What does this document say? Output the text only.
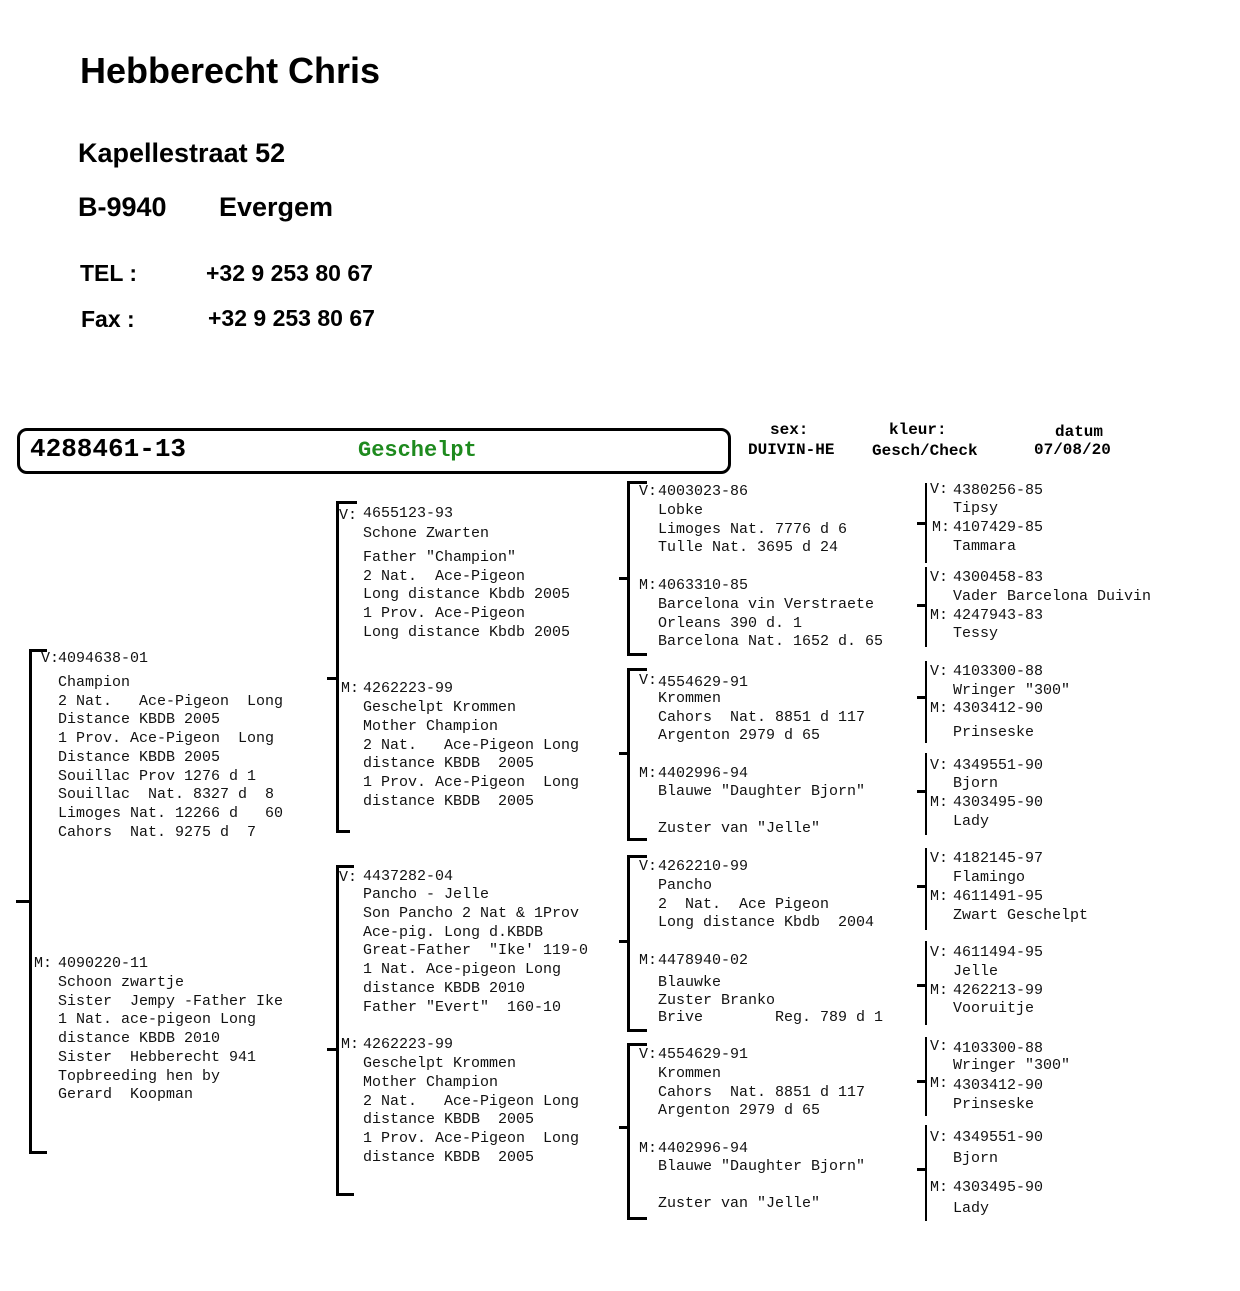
Hebberecht Chris
Kapellestraat 52
B-9940 Evergem
TEL :	+32 9 253 80 67
Fax :	+32 9 253 80 67
4288461-13	Geschelpt
sex:
DUIVIN-HE
kleur:
Gesch/Check
datum
07/08/20
V:
4094638-01
Champion
2 Nat.   Ace-Pigeon  Long
Distance KBDB 2005
1 Prov. Ace-Pigeon  Long
Distance KBDB 2005
Souillac Prov 1276 d 1
Souillac  Nat. 8327 d  8
Limoges Nat. 12266 d   60
Cahors  Nat. 9275 d  7
M: 4090220-11
Schoon zwartje
Sister  Jempy -Father Ike
1 Nat. ace-pigeon Long
distance KBDB 2010
Sister  Hebberecht 941
Topbreeding hen by
Gerard  Koopman
V: 4655123-93
Schone Zwarten
Father "Champion"
2 Nat.  Ace-Pigeon
Long distance Kbdb 2005
1 Prov. Ace-Pigeon
Long distance Kbdb 2005
M: 4262223-99
Geschelpt Krommen
Mother Champion
2 Nat.   Ace-Pigeon Long
distance KBDB  2005
1 Prov. Ace-Pigeon  Long
distance KBDB  2005
V: 4437282-04
Pancho - Jelle
Son Pancho 2 Nat & 1Prov
Ace-pig. Long d.KBDB
Great-Father  "Ike' 119-0
1 Nat. Ace-pigeon Long
distance KBDB 2010
Father "Evert"  160-10
M: 4262223-99
Geschelpt Krommen
Mother Champion
2 Nat.   Ace-Pigeon Long
distance KBDB  2005
1 Prov. Ace-Pigeon  Long
distance KBDB  2005
V: 4003023-86
Lobke
Limoges Nat. 7776 d 6
Tulle Nat. 3695 d 24
M: 4063310-85
Barcelona vin Verstraete
Orleans 390 d. 1
Barcelona Nat. 1652 d. 65
V: 4554629-91
Krommen
Cahors  Nat. 8851 d 117
Argenton 2979 d 65
M: 4402996-94
Blauwe "Daughter Bjorn"

Zuster van "Jelle"
V: 4262210-99
Pancho
2  Nat.  Ace Pigeon
Long distance Kbdb  2004
M: 4478940-02
Blauwke
Zuster Branko
Brive        Reg. 789 d 1
V: 4554629-91
Krommen
Cahors  Nat. 8851 d 117
Argenton 2979 d 65
M: 4402996-94
Blauwe "Daughter Bjorn"

Zuster van "Jelle"
V: 4380256-85
Tipsy
M: 4107429-85
Tammara
V: 4300458-83
Vader Barcelona Duivin
M: 4247943-83
Tessy
V: 4103300-88
Wringer "300"
M: 4303412-90
Prinseske
V: 4349551-90
Bjorn
M: 4303495-90
Lady
V: 4182145-97
Flamingo
M: 4611491-95
Zwart Geschelpt
V: 4611494-95
Jelle
M: 4262213-99
Vooruitje
V: 4103300-88
Wringer "300"
M: 4303412-90
Prinseske
V: 4349551-90
Bjorn
M: 4303495-90
Lady
